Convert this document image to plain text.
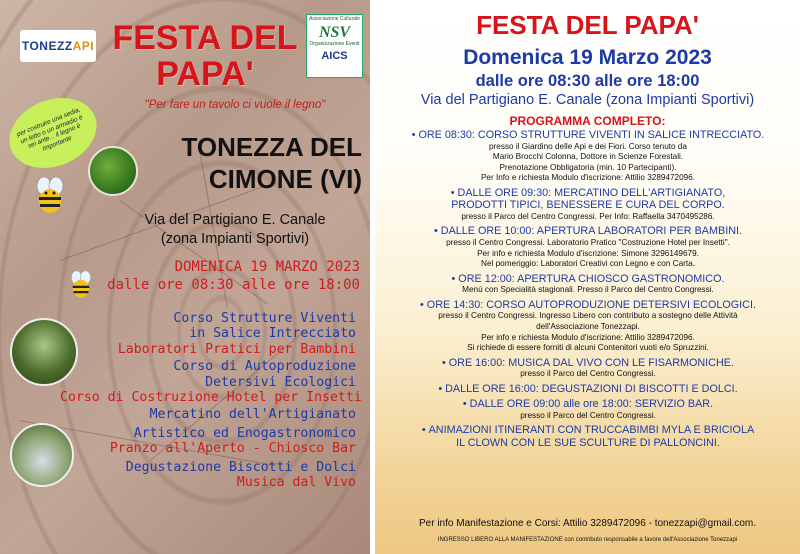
TONEZZ API FESTA DEL
PAPA'
Associazione Culturale
NSV
Organizzazione Eventi
AICS
"Per fare un tavolo ci vuole il legno"
per costruire una sedia, un letto o un armadio è sei ante... il legno è importante	TONEZZA DEL
CIMONE (VI)
Via del Partigiano E. Canale
(zona Impianti Sportivi)
DOMENICA 19 MARZO 2023
dalle ore 08:30 alle ore 18:00
Corso Strutture Viventi
in Salice Intrecciato
Laboratori Pratici per Bambini
Corso di Autoproduzione
Detersivi Ecologici
Corso di Costruzione Hotel per Insetti
Mercatino dell'Artigianato
Artistico ed Enogastronomico
Pranzo all'Aperto - Chiosco Bar
Degustazione Biscotti e Dolci
Musica dal Vivo
FESTA DEL PAPA'
Domenica 19 Marzo 2023
dalle ore 08:30 alle ore 18:00
Via del Partigiano E. Canale (zona Impianti Sportivi)
PROGRAMMA COMPLETO:
• ORE 08:30: CORSO STRUTTURE VIVENTI IN SALICE INTRECCIATO.
presso il Giardino delle Api e dei Fiori. Corso tenuto da
Mario Brocchi Colonna, Dottore in Scienze Forestali.
Prenotazione Obbligatoria (min. 10 Partecipanti).
Per Info e richiesta Modulo d'iscrizione: Attilio 3289472096.
• DALLE ORE 09:30: MERCATINO DELL'ARTIGIANATO,
PRODOTTI TIPICI, BENESSERE E CURA DEL CORPO.
presso il Parco del Centro Congressi. Per Info: Raffaella 3470495286.
• DALLE ORE 10:00: APERTURA LABORATORI PER BAMBINI.
presso il Centro Congressi. Laboratorio Pratico "Costruzione Hotel per Insetti".
Per info e richiesta Modulo d'iscrizione: Simone 3296149679.
Nel pomeriggio: Laboratori Creativi con Legno e con Carta.
• ORE 12:00: APERTURA CHIOSCO GASTRONOMICO.
Menù con Specialità stagionali. Presso il Parco del Centro Congressi.
• ORE 14:30: CORSO AUTOPRODUZIONE DETERSIVI ECOLOGICI.
presso il Centro Congressi. Ingresso Libero con contributo a sostegno delle Attività
dell'Associazione Tonezzapi.
Per info e richiesta Modulo d'iscrizione: Attilio 3289472096.
Si richiede di essere forniti di alcuni Contenitori vuoti e/o Spruzzini.
• ORE 16:00: MUSICA DAL VIVO CON LE FISARMONICHE.
presso il Parco del Centro Congressi.
• DALLE ORE 16:00: DEGUSTAZIONI DI BISCOTTI E DOLCI.
• DALLE ORE 09:00 alle ore 18:00: SERVIZIO BAR.
presso il Parco del Centro Congressi.
• ANIMAZIONI ITINERANTI CON TRUCCABIMBI MYLA E BRICIOLA
IL CLOWN CON LE SUE SCULTURE DI PALLONCINI.
Per info Manifestazione e Corsi: Attilio 3289472096 - tonezzapi@gmail.com.
INGRESSO LIBERO ALLA MANIFESTAZIONE con contributo responsabile a favore dell'Associazione Tonezzapi
